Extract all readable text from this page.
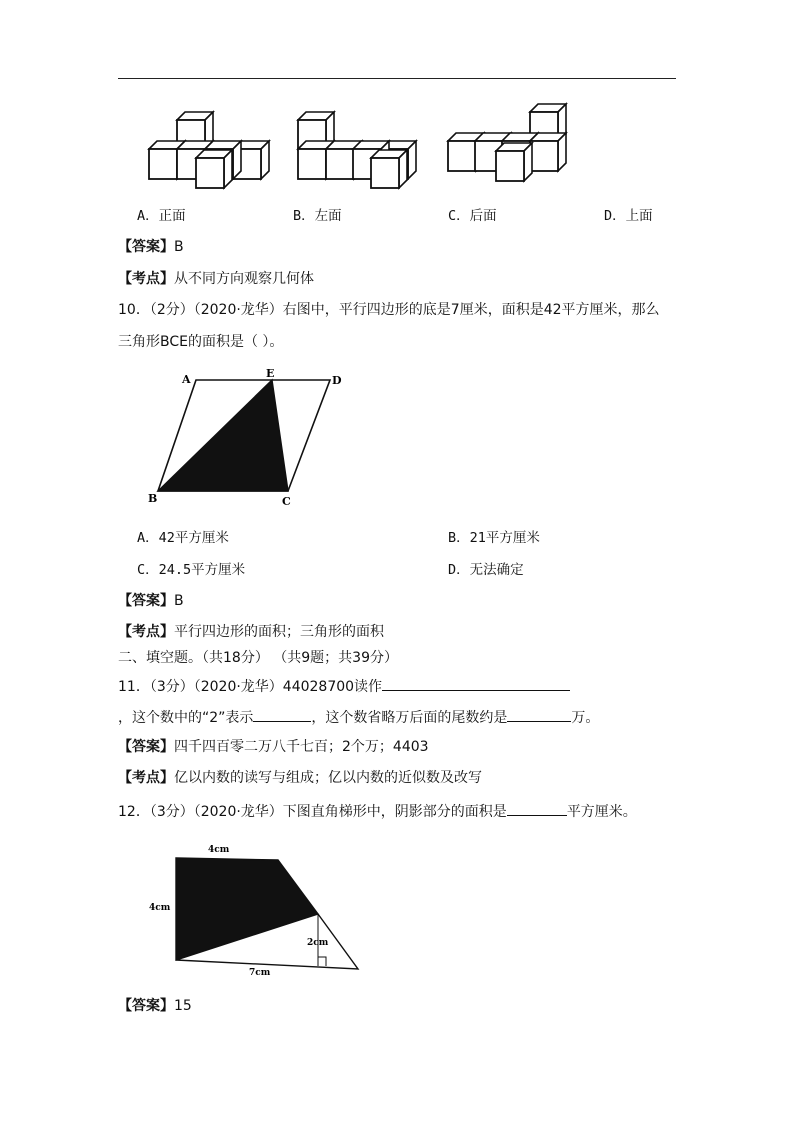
A．正面	B．左面	C．后面	D．上面
【答案】B
【考点】从不同方向观察几何体
10．（2分）（2020·龙华）右图中，平行四边形的底是7厘米，面积是42平方厘米，那么
三角形BCE的面积是（ ）。
A	E
D
B	C
A．42平方厘米	B．21平方厘米
C．24.5平方厘米	D．无法确定
【答案】B
【考点】平行四边形的面积；三角形的面积
二、填空题。（共18分） （共9题；共39分）
11．（3分）（2020·龙华）44028700读作
，这个数中的“2”表示	，这个数省略万后面的尾数约是	万。
【答案】四千四百零二万八千七百；2个万；4403
【考点】亿以内数的读写与组成；亿以内数的近似数及改写
12．（3分）（2020·龙华）下图直角梯形中，阴影部分的面积是	平方厘米。
4cm
4cm
2cm
7cm
【答案】15
